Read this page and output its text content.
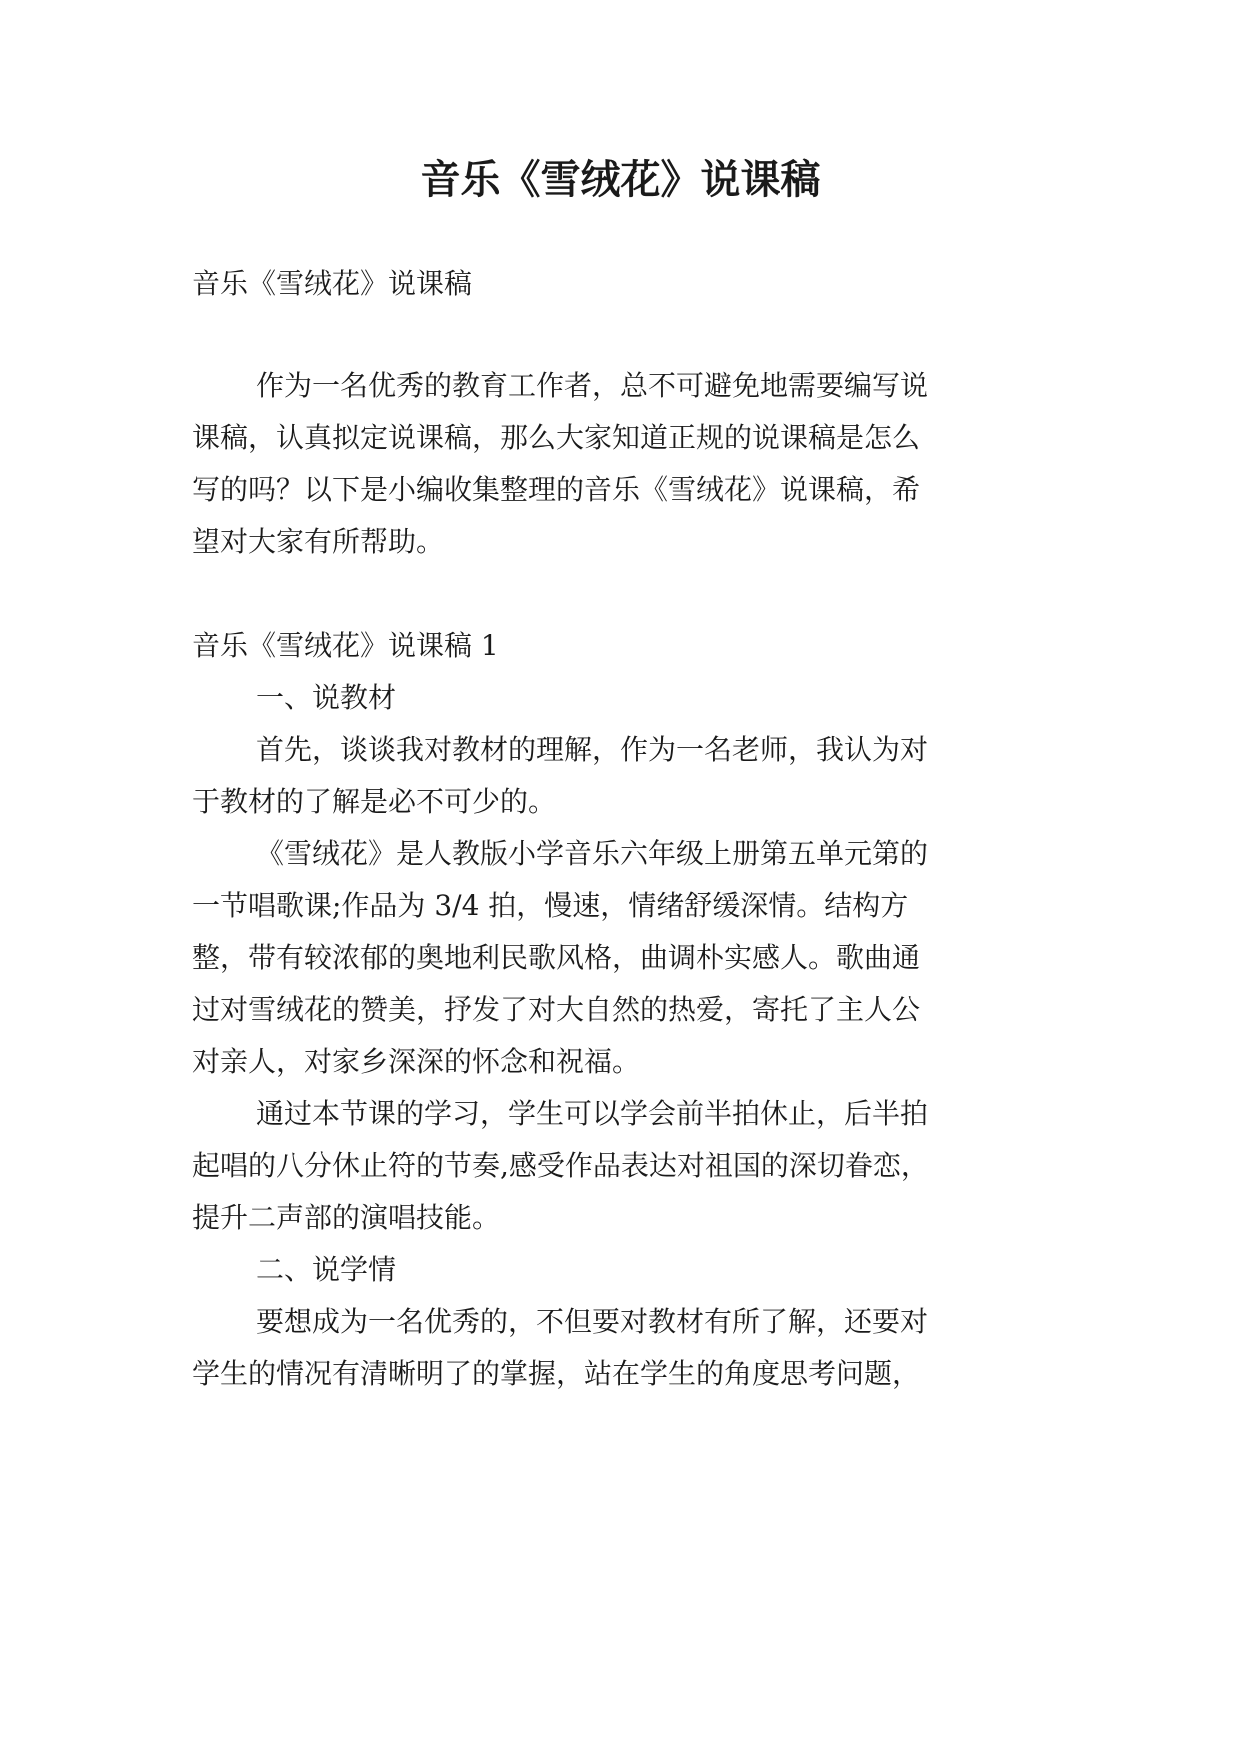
音乐《雪绒花》说课稿

音乐《雪绒花》说课稿

作为一名优秀的教育工作者，总不可避免地需要编写说

课稿，认真拟定说课稿，那么大家知道正规的说课稿是怎么

写的吗？以下是小编收集整理的音乐《雪绒花》说课稿，希

望对大家有所帮助。

音乐《雪绒花》说课稿 1

一、说教材

首先，谈谈我对教材的理解，作为一名老师，我认为对

于教材的了解是必不可少的。

《雪绒花》是人教版小学音乐六年级上册第五单元第的

一节唱歌课;作品为 3/4 拍，慢速，情绪舒缓深情。结构方

整，带有较浓郁的奥地利民歌风格，曲调朴实感人。歌曲通

过对雪绒花的赞美，抒发了对大自然的热爱，寄托了主人公

对亲人，对家乡深深的怀念和祝福。

通过本节课的学习，学生可以学会前半拍休止，后半拍

起唱的八分休止符的节奏,感受作品表达对祖国的深切眷恋，

提升二声部的演唱技能。

二、说学情

要想成为一名优秀的，不但要对教材有所了解，还要对

学生的情况有清晰明了的掌握，站在学生的角度思考问题，
